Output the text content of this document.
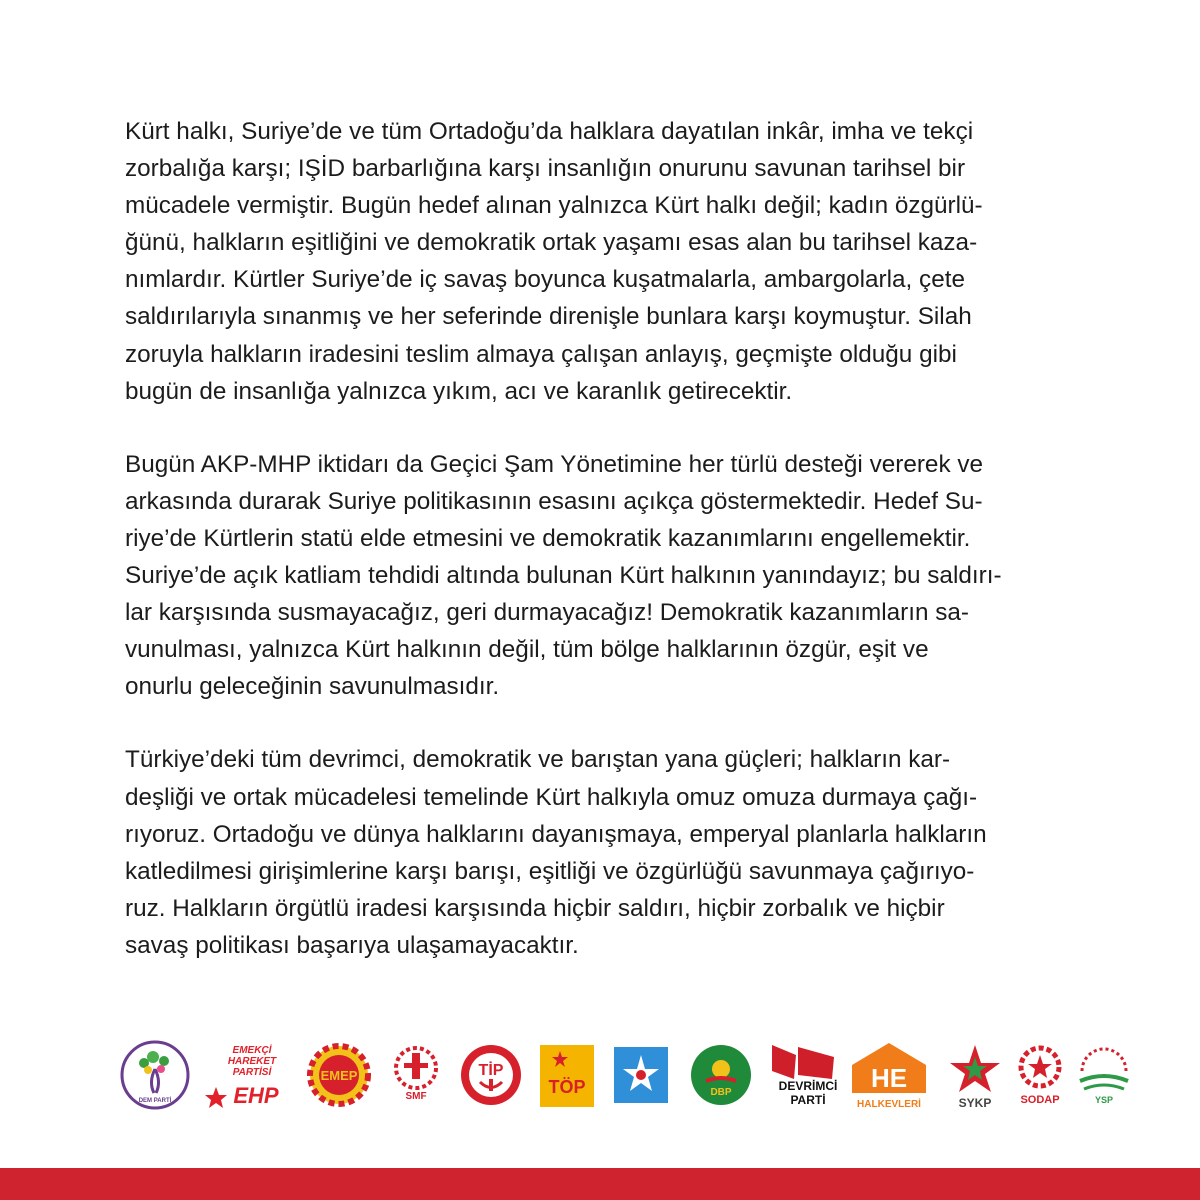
Kürt halkı, Suriye’de ve tüm Ortadoğu’da halklara dayatılan inkâr, imha ve tekçi
zorbalığa karşı; IŞİD barbarlığına karşı insanlığın onurunu savunan tarihsel bir
mücadele vermiştir. Bugün hedef alınan yalnızca Kürt halkı değil; kadın özgürlü-
ğünü, halkların eşitliğini ve demokratik ortak yaşamı esas alan bu tarihsel kaza-
nımlardır. Kürtler Suriye’de iç savaş boyunca kuşatmalarla, ambargolarla, çete
saldırılarıyla sınanmış ve her seferinde direnişle bunlara karşı koymuştur. Silah
zoruyla halkların iradesini teslim almaya çalışan anlayış, geçmişte olduğu gibi
bugün de insanlığa yalnızca yıkım, acı ve karanlık getirecektir.
Bugün AKP-MHP iktidarı da Geçici Şam Yönetimine her türlü desteği vererek ve
arkasında durarak Suriye politikasının esasını açıkça göstermektedir. Hedef Su-
riye’de Kürtlerin statü elde etmesini ve demokratik kazanımlarını engellemektir.
Suriye’de açık katliam tehdidi altında bulunan Kürt halkının yanındayız; bu saldırı-
lar karşısında susmayacağız, geri durmayacağız! Demokratik kazanımların sa-
vunulması, yalnızca Kürt halkının değil, tüm bölge halklarının özgür, eşit ve
onurlu geleceğinin savunulmasıdır.
Türkiye’deki tüm devrimci, demokratik ve barıştan yana güçleri; halkların kar-
deşliği ve ortak mücadelesi temelinde Kürt halkıyla omuz omuza durmaya çağı-
rıyoruz. Ortadoğu ve dünya halklarını dayanışmaya, emperyal planlarla halkların
katledilmesi girişimlerine karşı barışı, eşitliği ve özgürlüğü savunmaya çağırıyo-
ruz. Halkların örgütlü iradesi karşısında hiçbir saldırı, hiçbir zorbalık ve hiçbir
savaş politikası başarıya ulaşamayacaktır.
DEM PARTİ
EMEKÇİ
HAREKET
PARTİSİ
EHP
EMEP
SMF
TİP
TÖP	DBP	DEVRİMCİ
PARTİ
HE
HALKEVLERİ	SYKP	SODAP	YSP
